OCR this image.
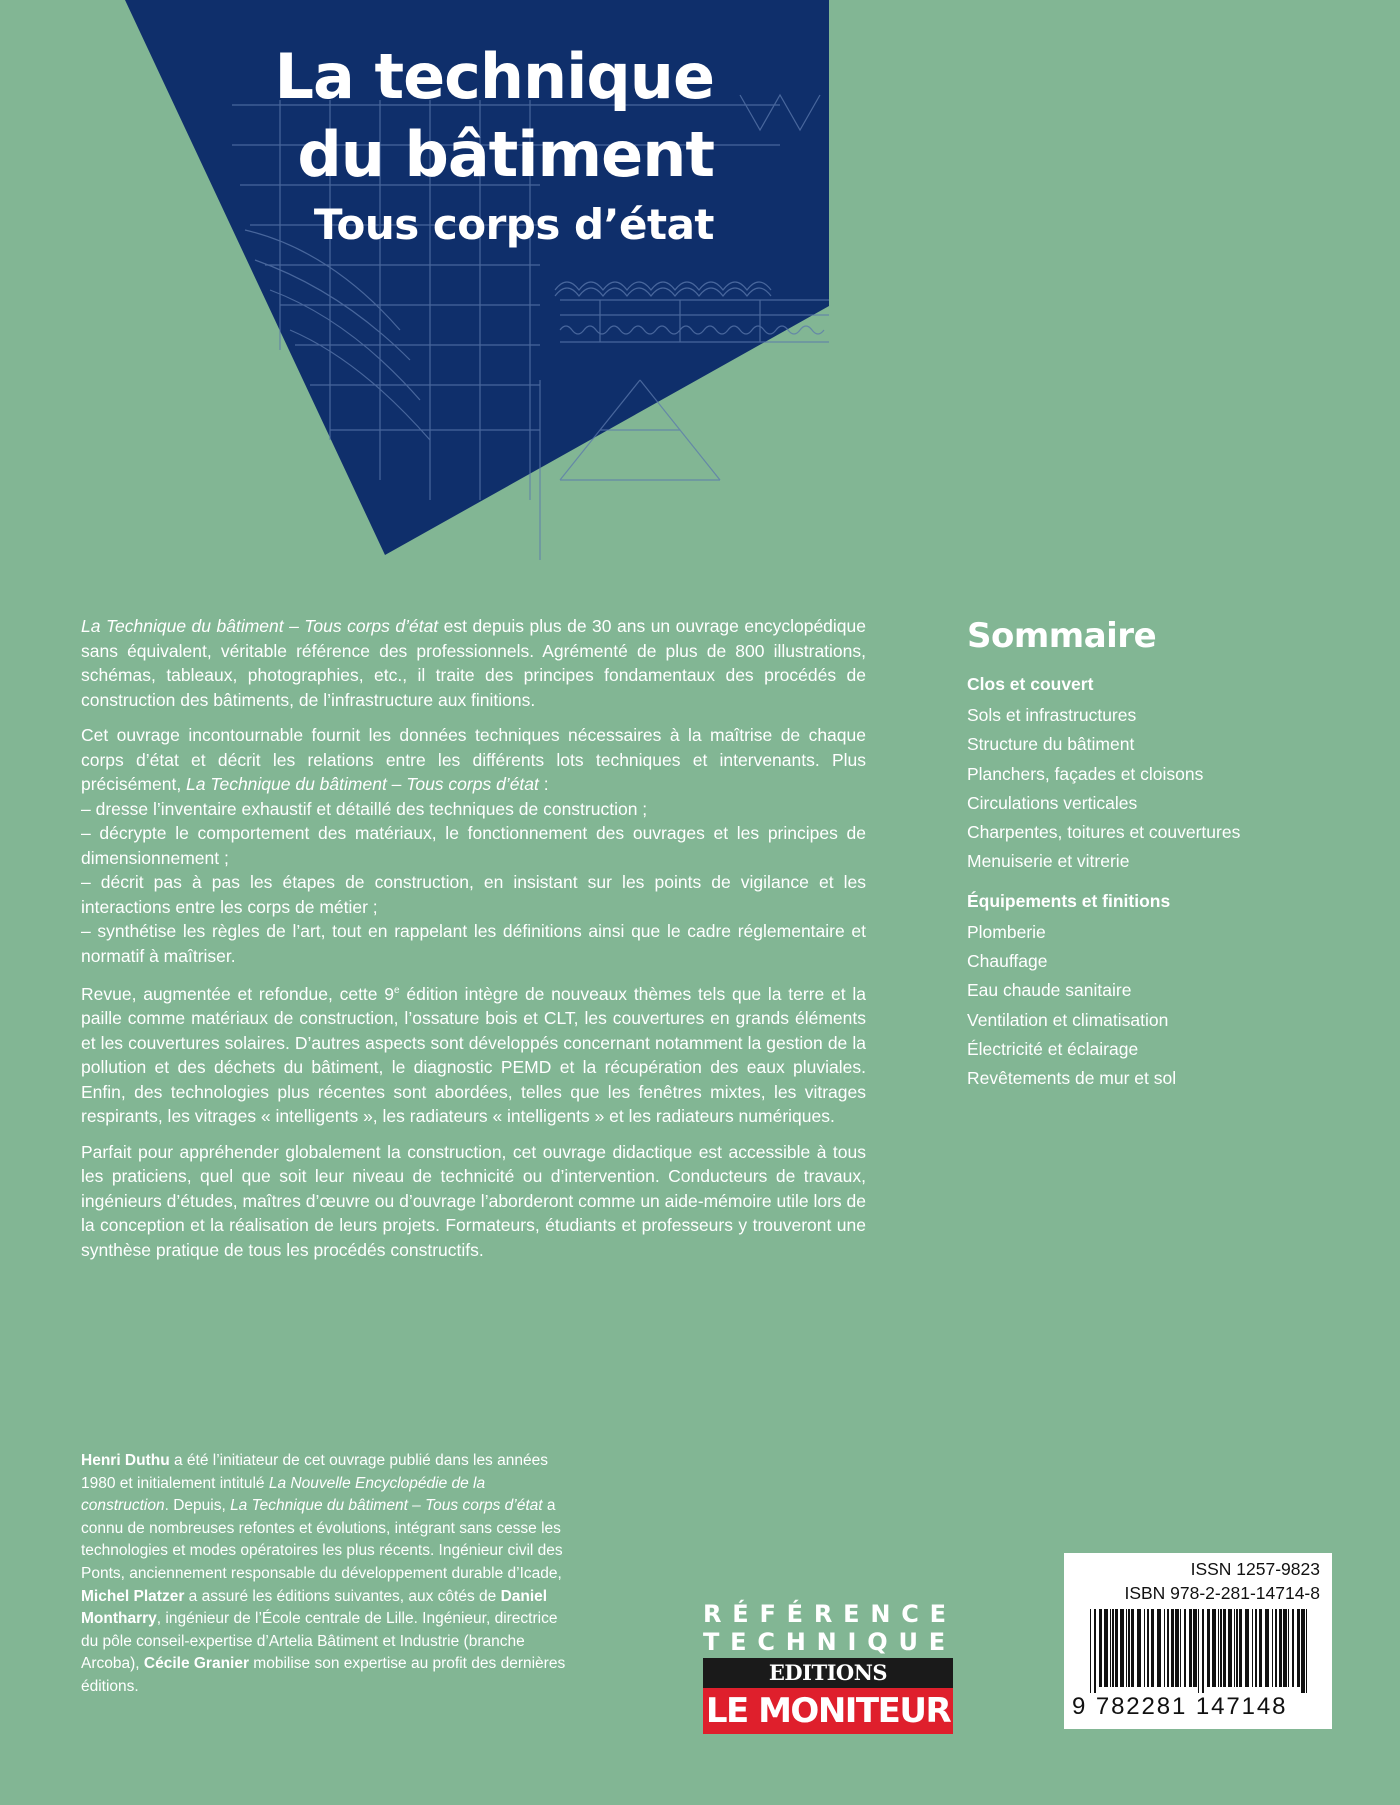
La technique
du bâtiment
Tous corps d’état

La Technique du bâtiment – Tous corps d’état est depuis plus de 30 ans un ouvrage encyclopédique sans équivalent, véritable référence des professionnels. Agrémenté de plus de 800 illustrations, schémas, tableaux, photographies, etc., il traite des principes fondamentaux des procédés de construction des bâtiments, de l’infrastructure aux finitions.

Cet ouvrage incontournable fournit les données techniques nécessaires à la maîtrise de chaque corps d’état et décrit les relations entre les différents lots techniques et intervenants. Plus précisément, La Technique du bâtiment – Tous corps d’état :

– dresse l’inventaire exhaustif et détaillé des techniques de construction ;

– décrypte le comportement des matériaux, le fonctionnement des ouvrages et les principes de dimensionnement ;

– décrit pas à pas les étapes de construction, en insistant sur les points de vigilance et les interactions entre les corps de métier ;

– synthétise les règles de l’art, tout en rappelant les définitions ainsi que le cadre réglementaire et normatif à maîtriser.

Revue, augmentée et refondue, cette 9e édition intègre de nouveaux thèmes tels que la terre et la paille comme matériaux de construction, l’ossature bois et CLT, les couvertures en grands éléments et les couvertures solaires. D’autres aspects sont développés concernant notamment la gestion de la pollution et des déchets du bâtiment, le diagnostic PEMD et la récupération des eaux pluviales. Enfin, des technologies plus récentes sont abordées, telles que les fenêtres mixtes, les vitrages respirants, les vitrages « intelligents », les radiateurs « intelligents » et les radiateurs numériques.

Parfait pour appréhender globalement la construction, cet ouvrage didactique est accessible à tous les praticiens, quel que soit leur niveau de technicité ou d’intervention. Conducteurs de travaux, ingénieurs d’études, maîtres d’œuvre ou d’ouvrage l’aborderont comme un aide-mémoire utile lors de la conception et la réalisation de leurs projets. Formateurs, étudiants et professeurs y trouveront une synthèse pratique de tous les procédés constructifs.

Sommaire
Clos et couvert
Sols et infrastructures
Structure du bâtiment
Planchers, façades et cloisons
Circulations verticales
Charpentes, toitures et couvertures
Menuiserie et vitrerie
Équipements et finitions
Plomberie
Chauffage
Eau chaude sanitaire
Ventilation et climatisation
Électricité et éclairage
Revêtements de mur et sol
Henri Duthu a été l’initiateur de cet ouvrage publié dans les années 1980 et initialement intitulé La Nouvelle Encyclopédie de la construction. Depuis, La Technique du bâtiment – Tous corps d’état a connu de nombreuses refontes et évolutions, intégrant sans cesse les technologies et modes opératoires les plus récents. Ingénieur civil des Ponts, anciennement responsable du développement durable d’Icade, Michel Platzer a assuré les éditions suivantes, aux côtés de Daniel Montharry, ingénieur de l’École centrale de Lille. Ingénieur, directrice du pôle conseil-expertise d’Artelia Bâtiment et Industrie (branche Arcoba), Cécile Granier mobilise son expertise au profit des dernières éditions.
RÉFÉRENCE
TECHNIQUE
EDITIONS
LE MONITEUR
ISSN 1257-9823
ISBN 978-2-281-14714-8
9 782281 147148
